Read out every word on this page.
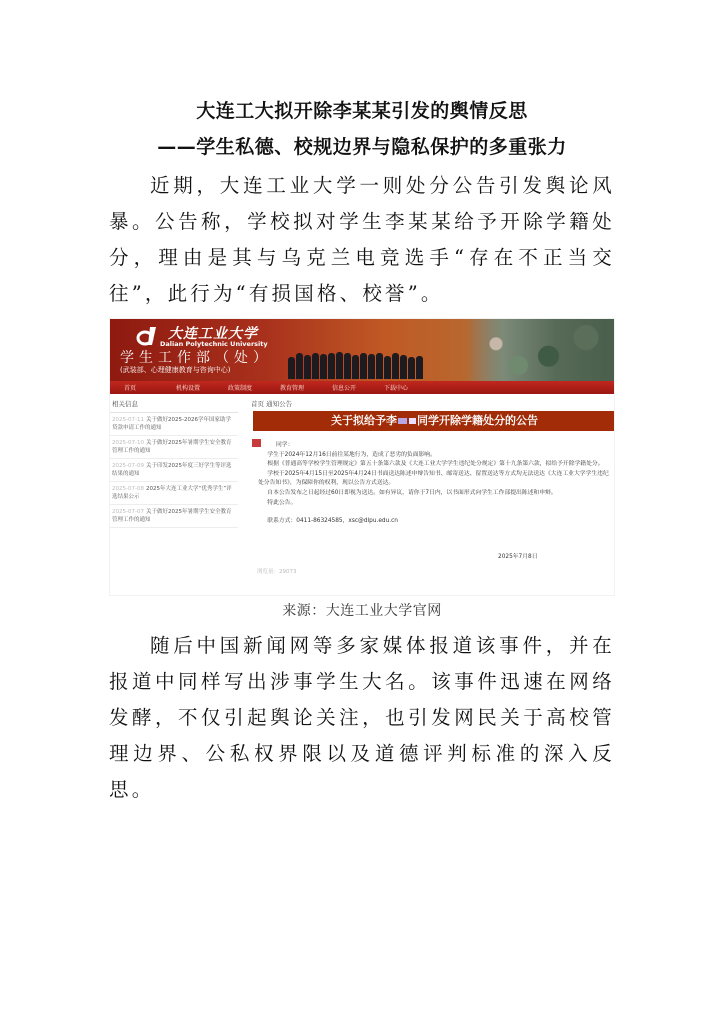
大连工大拟开除李某某引发的舆情反思
——学生私德、校规边界与隐私保护的多重张力

近期，大连工业大学一则处分公告引发舆论风暴。公告称，学校拟对学生李某某给予开除学籍处分，理由是其与乌克兰电竞选手“存在不正当交往”，此行为“有损国格、校誉”。

大连工业大学
Dalian Polytechnic University
学生工作部（处）
(武装部、心理健康教育与咨询中心)
首页	机构设置	政策制度	教育管理	信息公开	下载中心
相关信息
2025-07-11 关于做好2025-2026学年国家助学贷款申请工作的通知
2025-07-10 关于做好2025年暑期学生安全教育管理工作的通知
2025-07-09 关于印发2025年度三好学生等评选结果的通知
2025-07-08 2025年大连工业大学“优秀学生”评选结果公示
2025-07-07 关于做好2025年暑期学生安全教育管理工作的通知
首页 通知公告
关于拟给予李 同学开除学籍处分的公告

同学：

学生于2024年12月16日前往某地行为，造成了恶劣的负面影响。

根据《普通高等学校学生管理规定》第五十条第六款及《大连工业大学学生违纪处分规定》第十九条第六款，拟给予开除学籍处分。

学校于2025年4月15日至2025年4月24日书面送达陈述申辩告知书、邮寄送达、留置送达等方式均无法送达《大连工业大学学生违纪处分告知书》，为保障你的权利，现以公告方式送达。

自本公告发布之日起经过60日即视为送达。如有异议，请你于7日内，以书面形式向学生工作部提出陈述和申辩。

特此公告。

联系方式：0411-86324585，xsc@dlpu.edu.cn

2025年7月8日
浏览量：29073
来源：大连工业大学官网

随后中国新闻网等多家媒体报道该事件，并在报道中同样写出涉事学生大名。该事件迅速在网络发酵，不仅引起舆论关注，也引发网民关于高校管理边界、公私权界限以及道德评判标准的深入反思。
